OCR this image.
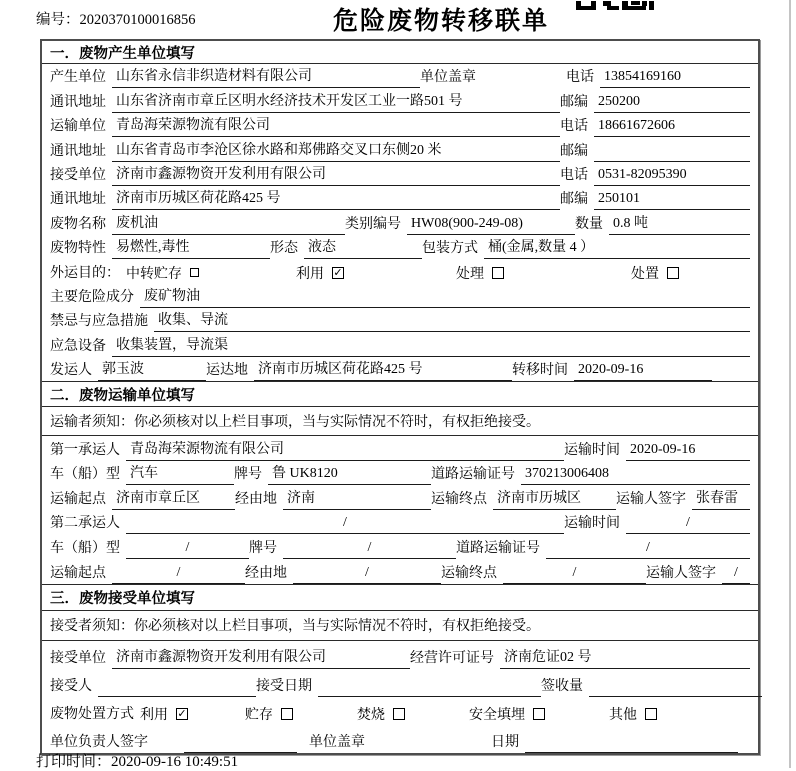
编号：2020370100016856	危险废物转移联单
一．废物产生单位填写
产生单位 山东省永信非织造材料有限公司	单位盖章	电话 13854169160
通讯地址 山东省济南市章丘区明水经济技术开发区工业一路501 号	邮编 250200
运输单位 青岛海荣源物流有限公司	电话 18661672606
通讯地址 山东省青岛市李沧区徐水路和郑佛路交叉口东侧20 米	邮编
接受单位 济南市鑫源物资开发利用有限公司	电话 0531-82095390
通讯地址 济南市历城区荷花路425 号	邮编 250101
废物名称 废机油	类别编号 HW08(900-249-08)	数量 0.8 吨
废物特性 易燃性,毒性	形态 液态	包装方式 桶(金属,数量 4 ）
外运目的： 中转贮存	利用 ✓	处理	处置
主要危险成分 废矿物油
禁忌与应急措施 收集、导流
应急设备 收集装置，导流渠
发运人 郭玉波	运达地 济南市历城区荷花路425 号	转移时间 2020-09-16
二．废物运输单位填写
运输者须知：你必须核对以上栏目事项，当与实际情况不符时，有权拒绝接受。
第一承运人 青岛海荣源物流有限公司	运输时间 2020-09-16
车（船）型 汽车	牌号 鲁 UK8120	道路运输证号 370213006408
运输起点 济南市章丘区	经由地 济南	运输终点 济南市历城区	运输人签字 张春雷
第二承运人	/	运输时间	/
车（船）型	/	牌号	/	道路运输证号	/
运输起点	/	经由地	/	运输终点	/	运输人签字	/
三．废物接受单位填写
接受者须知：你必须核对以上栏目事项，当与实际情况不符时，有权拒绝接受。
接受单位 济南市鑫源物资开发利用有限公司	经营许可证号 济南危证02 号
接受人	接受日期	签收量
废物处置方式 利用 ✓	贮存	焚烧	安全填埋	其他
单位负责人签字	单位盖章	日期
打印时间：2020-09-16 10:49:51
